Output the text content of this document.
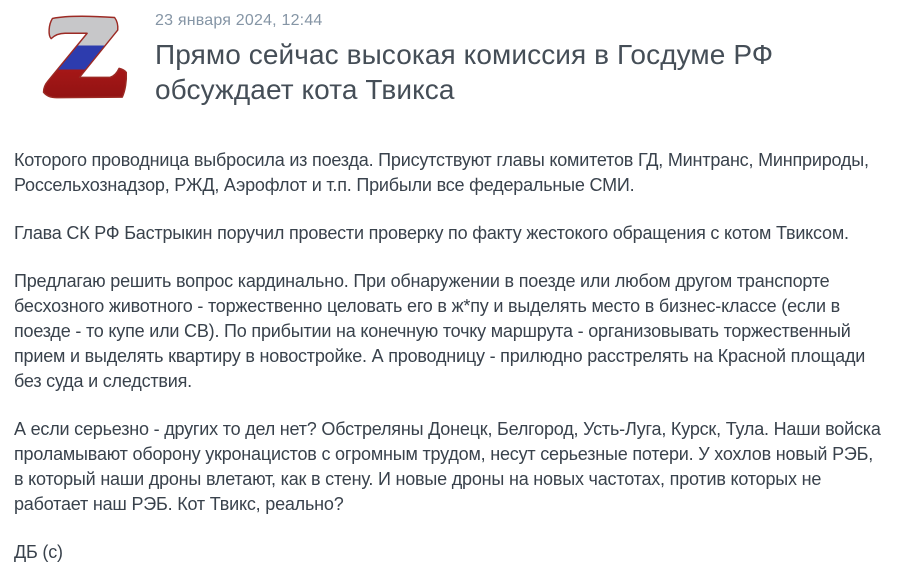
23 января 2024, 12:44
Прямо сейчас высокая комиссия в Госдуме РФ обсуждает кота Твикса

Которого проводница выбросила из поезда. Присутствуют главы комитетов ГД, Минтранс, Минприроды, Россельхознадзор, РЖД, Аэрофлот и т.п. Прибыли все федеральные СМИ.

Глава СК РФ Бастрыкин поручил провести проверку по факту жестокого обращения с котом Твиксом.

Предлагаю решить вопрос кардинально. При обнаружении в поезде или любом другом транспорте бесхозного животного - торжественно целовать его в ж*пу и выделять место в бизнес-классе (если в поезде - то купе или СВ). По прибытии на конечную точку маршрута - организовывать торжественный прием и выделять квартиру в новостройке. А проводницу - прилюдно расстрелять на Красной площади без суда и следствия.

А если серьезно - других то дел нет? Обстреляны Донецк, Белгород, Усть-Луга, Курск, Тула. Наши войска проламывают оборону укронацистов с огромным трудом, несут серьезные потери. У хохлов новый РЭБ, в который наши дроны влетают, как в стену. И новые дроны на новых частотах, против которых не работает наш РЭБ. Кот Твикс, реально?

ДБ (с)
